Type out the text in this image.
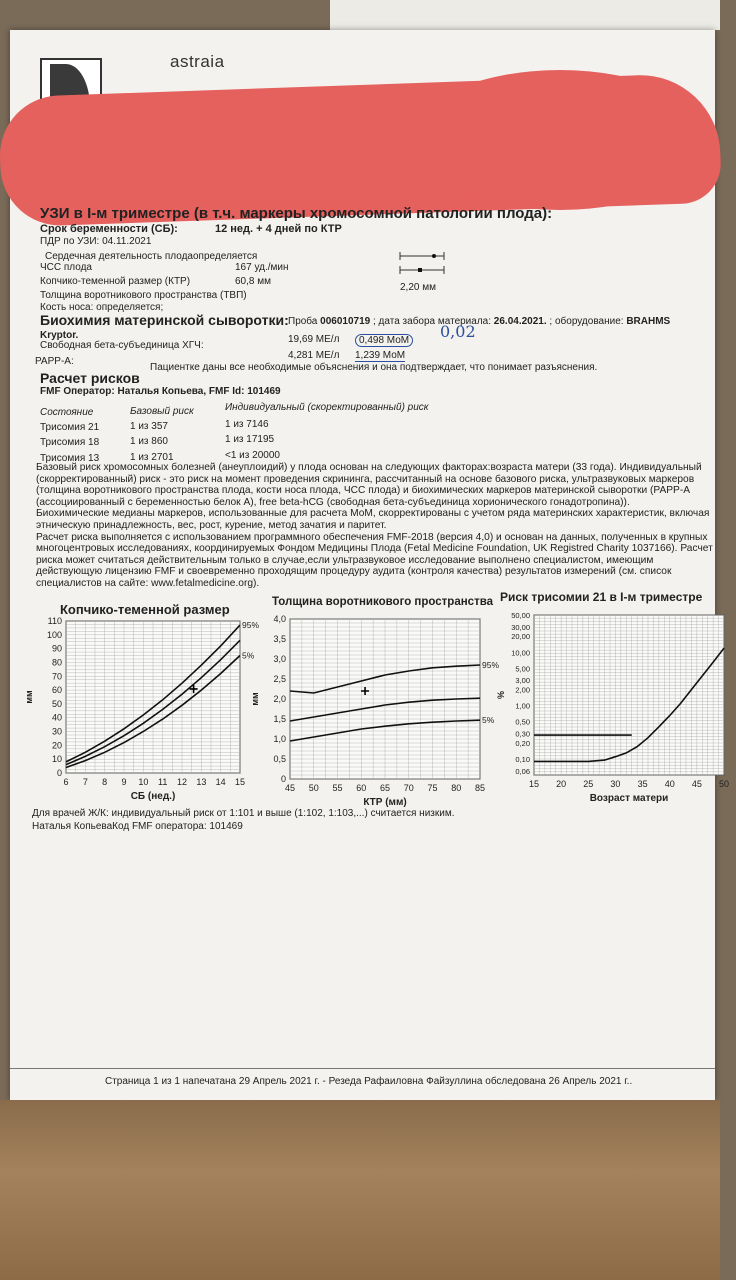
astraia
УЗИ в I-м триместре (в т.ч. маркеры хромосомной патологии плода):
Срок беременности (СБ):	12 нед. + 4 дней по КТР
ПДР по УЗИ: 04.11.2021
Сердечная деятельность плода определяется
ЧСС плода	167 уд./мин
Копчико-теменной размер (КТР)	60,8 мм
2,20 мм
Толщина воротникового пространства (ТВП)
Кость носа: определяется;
Биохимия материнской сыворотки: Проба 006010719 ; дата забора материала: 26.04.2021. ; оборудование: BRAHMS
Kryptor.
Свободная бета-субъединица ХГЧ:
19,69 МЕ/л	0,498 МоМ 0,02
PAPP-A:
4,281 МЕ/л 1,239 МоМ
Расчет рисков
Пациентке даны все необходимые объяснения и она подтверждает, что понимает разъяснения.
FMF Оператор: Наталья Копьева, FMF Id: 101469
Состояние	Базовый риск	Индивидуальный (скоректированный) риск
Трисомия 21	1 из 357	1 из 7146
Трисомия 18	1 из 860	1 из 17195
Трисомия 13	1 из 2701	<1 из 20000
Базовый риск хромосомных болезней (анеуплоидий) у плода основан на следующих факторах:возраста матери (33 года). Индивидуальный
(скорректированный) риск - это риск на момент проведения скрининга, рассчитанный на основе базового риска, ультразвуковых маркеров
(толщина воротникового пространства плода, кости носа плода, ЧСС плода) и биохимических маркеров материнской сыворотки (PAPP-A
(ассоциированный с беременностью белок А), free beta-hCG (свободная бета-субъединица хорионического гонадотропина)).
Биохимические медианы маркеров, использованные для расчета МоМ, скорректированы с учетом ряда материнских характеристик, включая
этническую принадлежность, вес, рост, курение, метод зачатия и паритет.
Расчет риска выполняется с использованием программного обеспечения FMF-2018 (версия 4,0) и основан на данных, полученных в крупных
многоцентровых исследованиях, координируемых Фондом Медицины Плода (Fetal Medicine Foundation, UK Registred Charity 1037166). Расчет
риска может считаться действительным только в случае,если ультразвуковое исследование выполнено специалистом, имеющим
действующую лицензию FMF и своевременно проходящим процедуру аудита (контроля качества) результатов измерений (см. список
специалистов на сайте: www.fetalmedicine.org).
Копчико-теменной размер	Толщина воротникового пространства Риск трисомии 21 в I-м триместре
6 7 8 9 10 11 12 13 14 15
0
10
20
30
40
50
60
70
80
90
100
110
СБ (нед.)
мм
95%
5%
45 50 55 60 65 70 75 80 85
0
0,5
1,0
1,5
2,0
2,5
3,0
3,5
4,0
КТР (мм)
мм
95%
5%
15 20 25 30 35 40 45 50
0,06
0,10
0,20
0,30
0,50
1,00
2,00
3,00
5,00
10,00
20,00
30,00
50,00
Возраст матери
%
Для врачей Ж/К: индивидуальный риск от 1:101 и выше (1:102, 1:103,...) считается низким.
Наталья КопьеваКод FMF оператора: 101469
Страница 1 из 1 напечатана 29 Апрель 2021 г. - Резеда Рафаиловна Файзуллина обследована 26 Апрель 2021 г..
